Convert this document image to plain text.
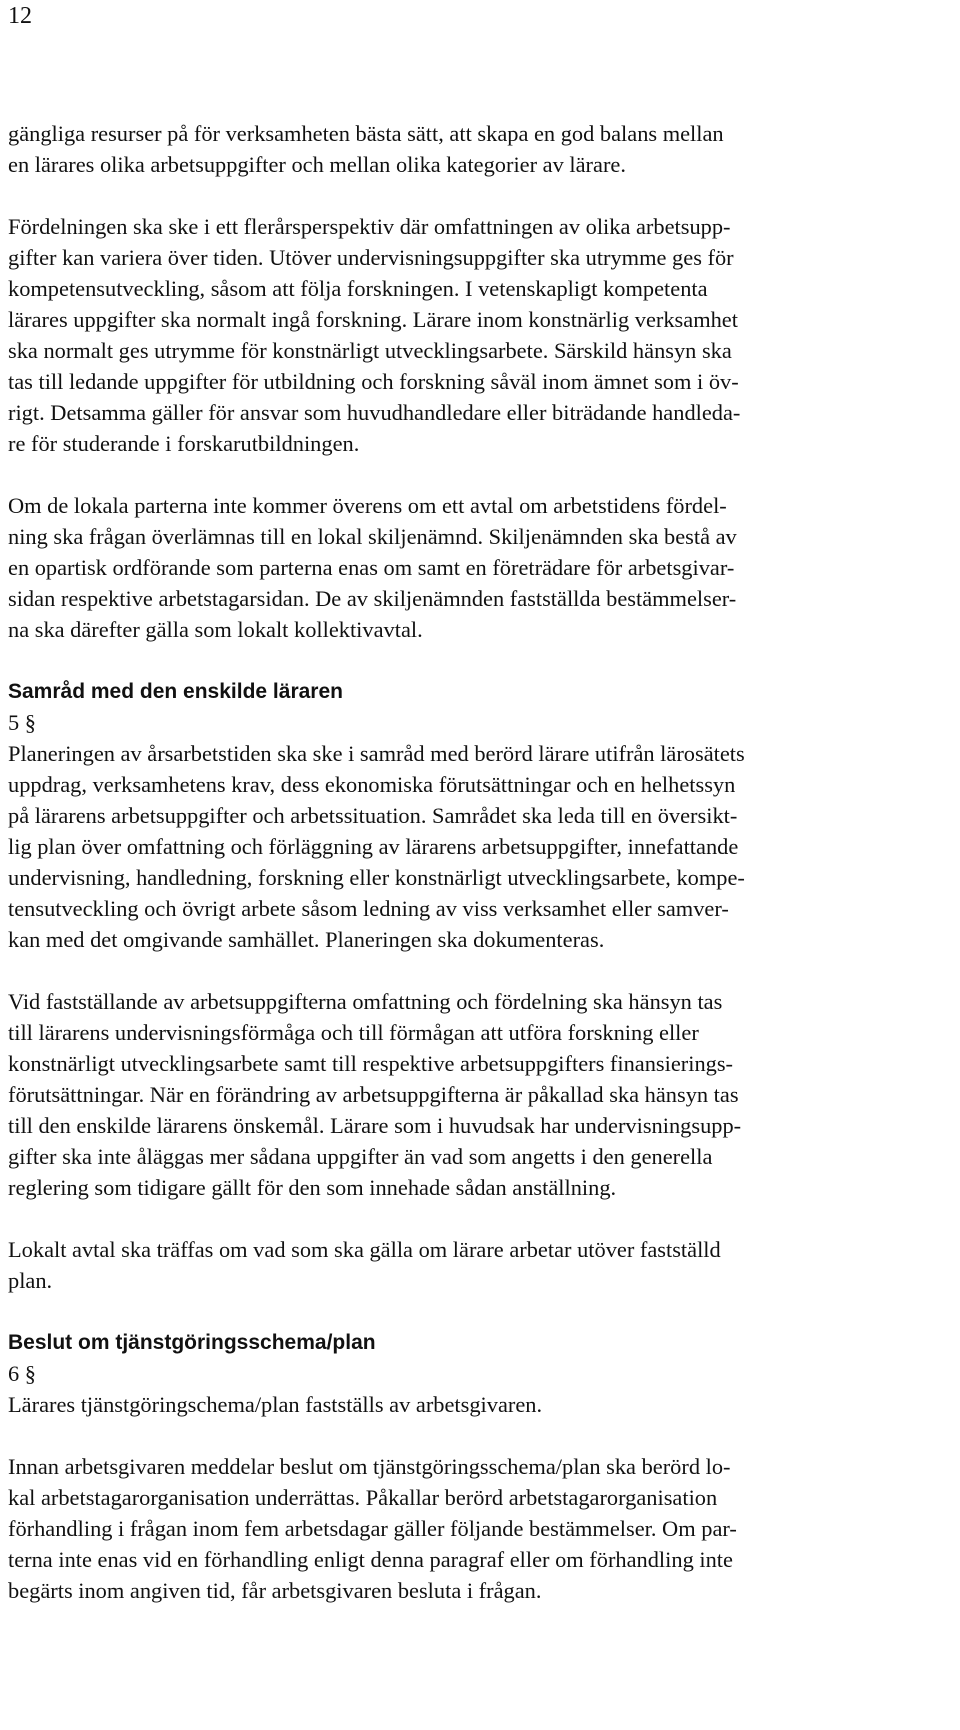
12

gängliga resurser på för verksamheten bästa sätt, att skapa en god balans mellan
en lärares olika arbetsuppgifter och mellan olika kategorier av lärare.

Fördelningen ska ske i ett flerårsperspektiv där omfattningen av olika arbetsupp-
gifter kan variera över tiden. Utöver undervisningsuppgifter ska utrymme ges för
kompetensutveckling, såsom att följa forskningen. I vetenskapligt kompetenta
lärares uppgifter ska normalt ingå forskning. Lärare inom konstnärlig verksamhet
ska normalt ges utrymme för konstnärligt utvecklingsarbete. Särskild hänsyn ska
tas till ledande uppgifter för utbildning och forskning såväl inom ämnet som i öv-
rigt. Detsamma gäller för ansvar som huvudhandledare eller biträdande handleda-
re för studerande i forskarutbildningen.

Om de lokala parterna inte kommer överens om ett avtal om arbetstidens fördel-
ning ska frågan överlämnas till en lokal skiljenämnd. Skiljenämnden ska bestå av
en opartisk ordförande som parterna enas om samt en företrädare för arbetsgivar-
sidan respektive arbetstagarsidan. De av skiljenämnden fastställda bestämmelser-
na ska därefter gälla som lokalt kollektivavtal.

Samråd med den enskilde läraren

5 §

Planeringen av årsarbetstiden ska ske i samråd med berörd lärare utifrån lärosätets
uppdrag, verksamhetens krav, dess ekonomiska förutsättningar och en helhetssyn
på lärarens arbetsuppgifter och arbetssituation. Samrådet ska leda till en översikt-
lig plan över omfattning och förläggning av lärarens arbetsuppgifter, innefattande
undervisning, handledning, forskning eller konstnärligt utvecklingsarbete, kompe-
tensutveckling och övrigt arbete såsom ledning av viss verksamhet eller samver-
kan med det omgivande samhället. Planeringen ska dokumenteras.

Vid fastställande av arbetsuppgifterna omfattning och fördelning ska hänsyn tas
till lärarens undervisningsförmåga och till förmågan att utföra forskning eller
konstnärligt utvecklingsarbete samt till respektive arbetsuppgifters finansierings-
förutsättningar. När en förändring av arbetsuppgifterna är påkallad ska hänsyn tas
till den enskilde lärarens önskemål. Lärare som i huvudsak har undervisningsupp-
gifter ska inte åläggas mer sådana uppgifter än vad som angetts i den generella
reglering som tidigare gällt för den som innehade sådan anställning.

Lokalt avtal ska träffas om vad som ska gälla om lärare arbetar utöver fastställd
plan.

Beslut om tjänstgöringsschema/plan

6 §

Lärares tjänstgöringschema/plan fastställs av arbetsgivaren.

Innan arbetsgivaren meddelar beslut om tjänstgöringsschema/plan ska berörd lo-
kal arbetstagarorganisation underrättas. Påkallar berörd arbetstagarorganisation
förhandling i frågan inom fem arbetsdagar gäller följande bestämmelser. Om par-
terna inte enas vid en förhandling enligt denna paragraf eller om förhandling inte
begärts inom angiven tid, får arbetsgivaren besluta i frågan.
